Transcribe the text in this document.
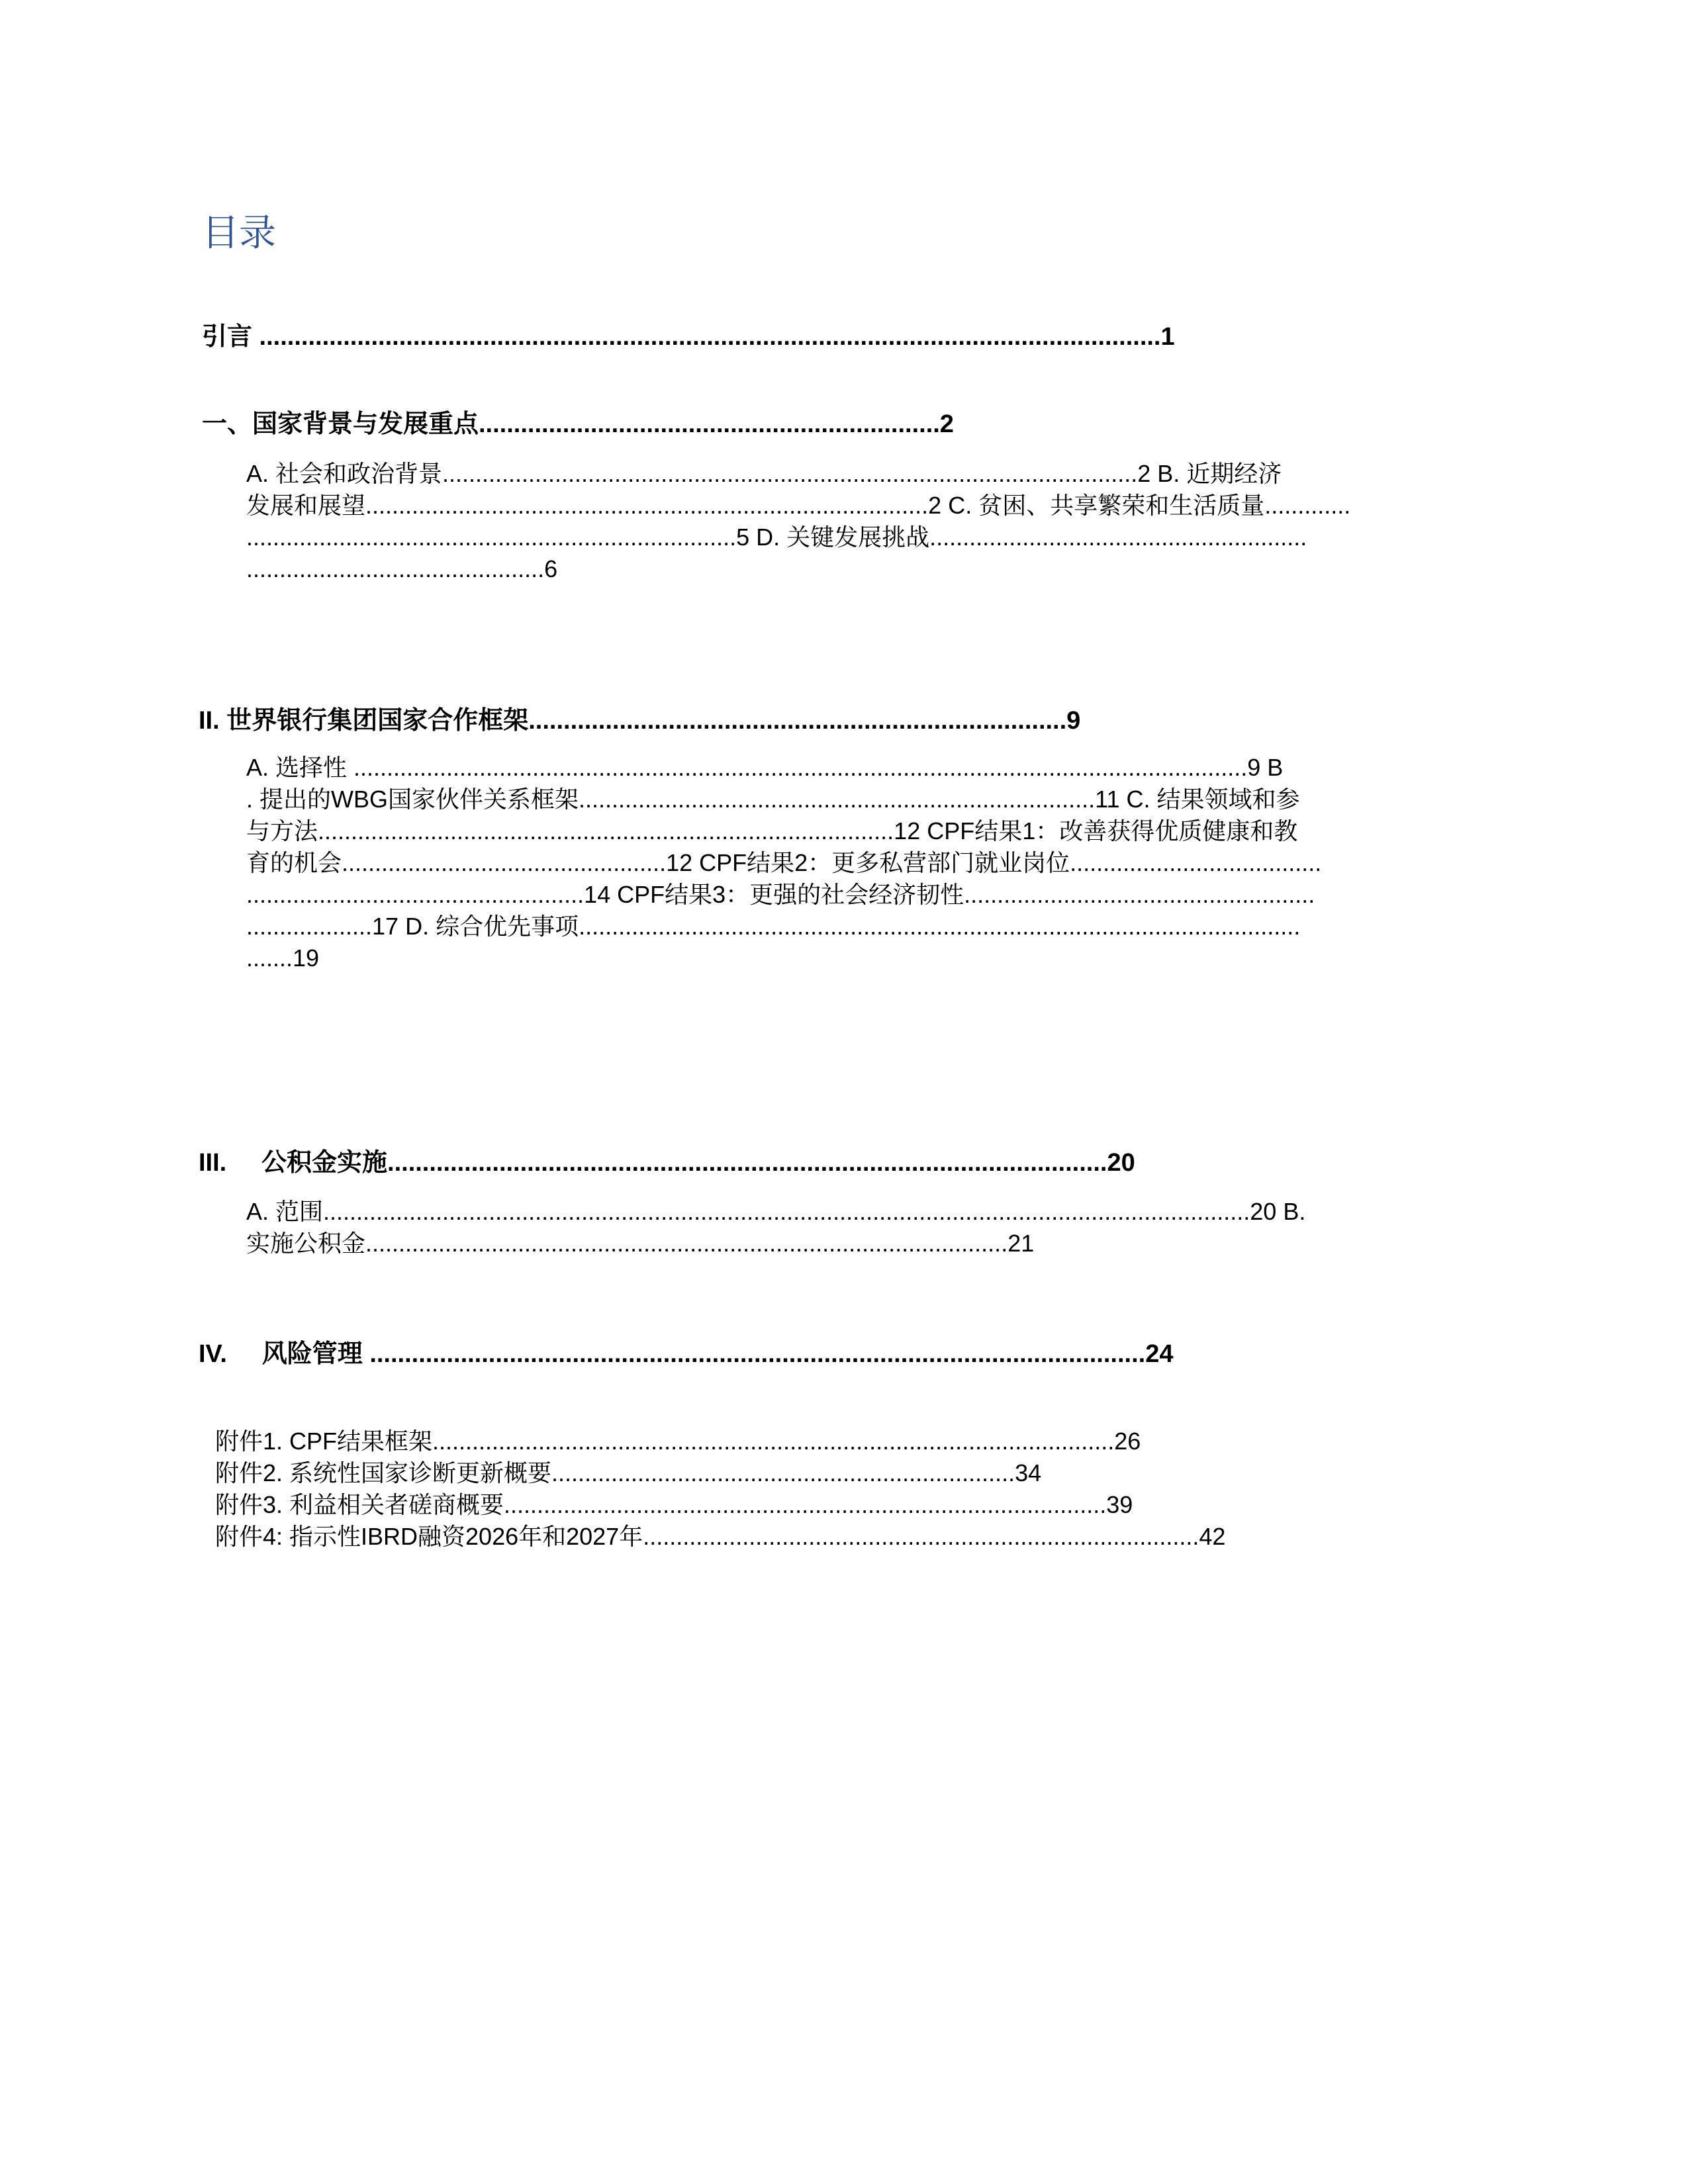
目录
引言 .................................................................................................................................1
一、国家背景与发展重点..................................................................2
A. 社会和政治背景.........................................................................................................2 B. 近期经济
发展和展望.....................................................................................2 C. 贫困、共享繁荣和生活质量.............
..........................................................................5 D. 关键发展挑战.........................................................
.............................................6
II. 世界银行集团国家合作框架.............................................................................9
A. 选择性 .......................................................................................................................................9 B
. 提出的WBG国家伙伴关系框架..............................................................................11 C. 结果领域和参
与方法.......................................................................................12 CPF结果1：改善获得优质健康和教
育的机会.................................................12 CPF结果2：更多私营部门就业岗位......................................
...................................................14 CPF结果3：更强的社会经济韧性.....................................................
...................17 D. 综合优先事项.............................................................................................................
.......19
III.     公积金实施.......................................................................................................20
A. 范围............................................................................................................................................20 B.
实施公积金.................................................................................................21
IV.     风险管理 ...............................................................................................................24
附件1. CPF结果框架.......................................................................................................26
附件2. 系统性国家诊断更新概要......................................................................34
附件3. 利益相关者磋商概要...........................................................................................39
附件4: 指示性IBRD融资2026年和2027年....................................................................................42
